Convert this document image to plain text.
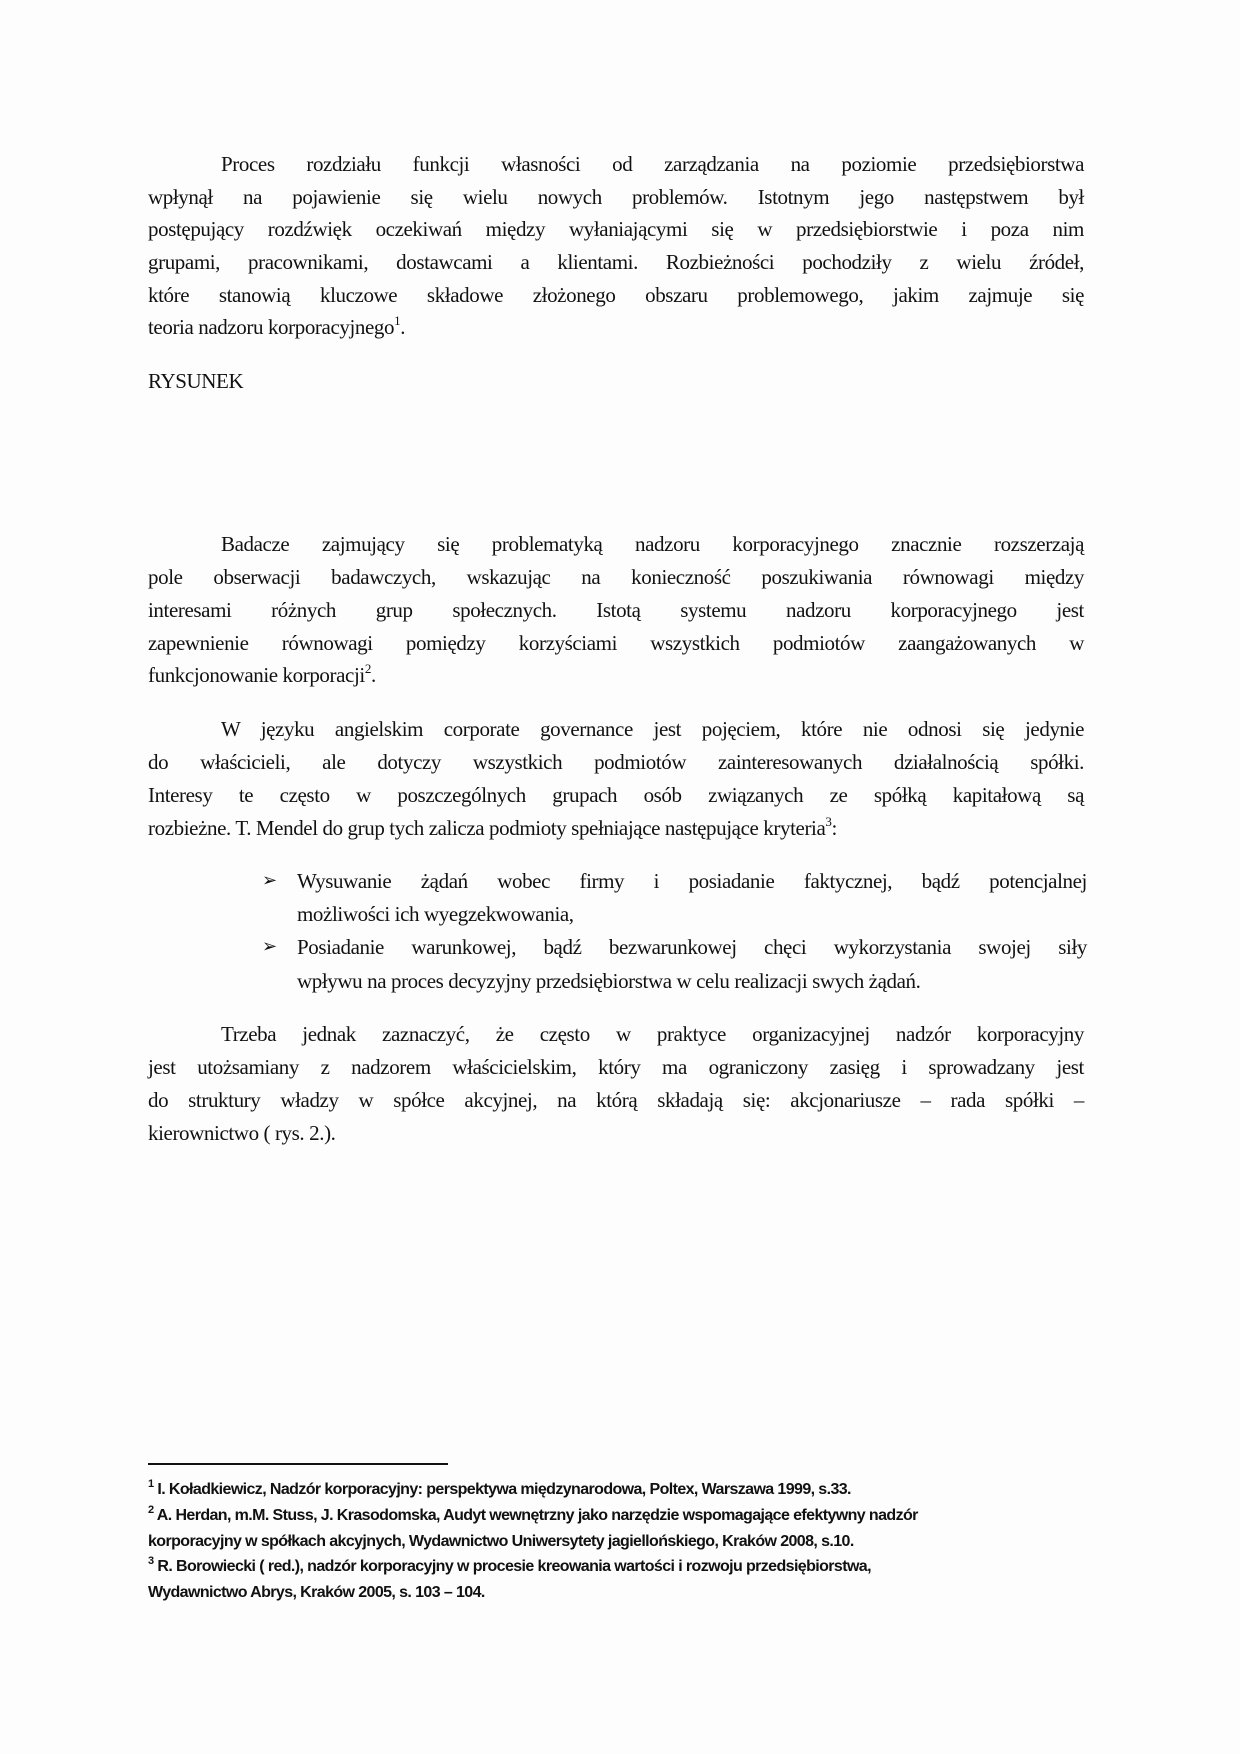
Proces rozdziału funkcji własności od zarządzania na poziomie przedsiębiorstwa
wpłynął na pojawienie się wielu nowych problemów. Istotnym jego następstwem był
postępujący rozdźwięk oczekiwań między wyłaniającymi się w przedsiębiorstwie i poza nim
grupami, pracownikami, dostawcami a klientami. Rozbieżności pochodziły z wielu źródeł,
które stanowią kluczowe składowe złożonego obszaru problemowego, jakim zajmuje się
teoria nadzoru korporacyjnego$^1$.
RYSUNEK
Badacze zajmujący się problematyką nadzoru korporacyjnego znacznie rozszerzają
pole obserwacji badawczych, wskazując na konieczność poszukiwania równowagi między
interesami różnych grup społecznych. Istotą systemu nadzoru korporacyjnego jest
zapewnienie równowagi pomiędzy korzyściami wszystkich podmiotów zaangażowanych w
funkcjonowanie korporacji$^2$.
W języku angielskim corporate governance jest pojęciem, które nie odnosi się jedynie
do właścicieli, ale dotyczy wszystkich podmiotów zainteresowanych działalnością spółki.
Interesy te często w poszczególnych grupach osób związanych ze spółką kapitałową są
rozbieżne. T. Mendel do grup tych zalicza podmioty spełniające następujące kryteria$^3$:
➢ Wysuwanie żądań wobec firmy i posiadanie faktycznej, bądź potencjalnej
możliwości ich wyegzekwowania,
➢ Posiadanie warunkowej, bądź bezwarunkowej chęci wykorzystania swojej siły
wpływu na proces decyzyjny przedsiębiorstwa w celu realizacji swych żądań.
Trzeba jednak zaznaczyć, że często w praktyce organizacyjnej nadzór korporacyjny
jest utożsamiany z nadzorem właścicielskim, który ma ograniczony zasięg i sprowadzany jest
do struktury władzy w spółce akcyjnej, na którą składają się: akcjonariusze – rada spółki –
kierownictwo ( rys. 2.).
$^1$ I. Koładkiewicz, Nadzór korporacyjny: perspektywa międzynarodowa, Poltex, Warszawa 1999, s.33.
$^2$ A. Herdan, m.M. Stuss, J. Krasodomska, Audyt wewnętrzny jako narzędzie wspomagające efektywny nadzór
korporacyjny w spółkach akcyjnych, Wydawnictwo Uniwersytety jagiellońskiego, Kraków 2008, s.10.
$^3$ R. Borowiecki ( red.), nadzór korporacyjny w procesie kreowania wartości i rozwoju przedsiębiorstwa,
Wydawnictwo Abrys, Kraków 2005, s. 103 – 104.
